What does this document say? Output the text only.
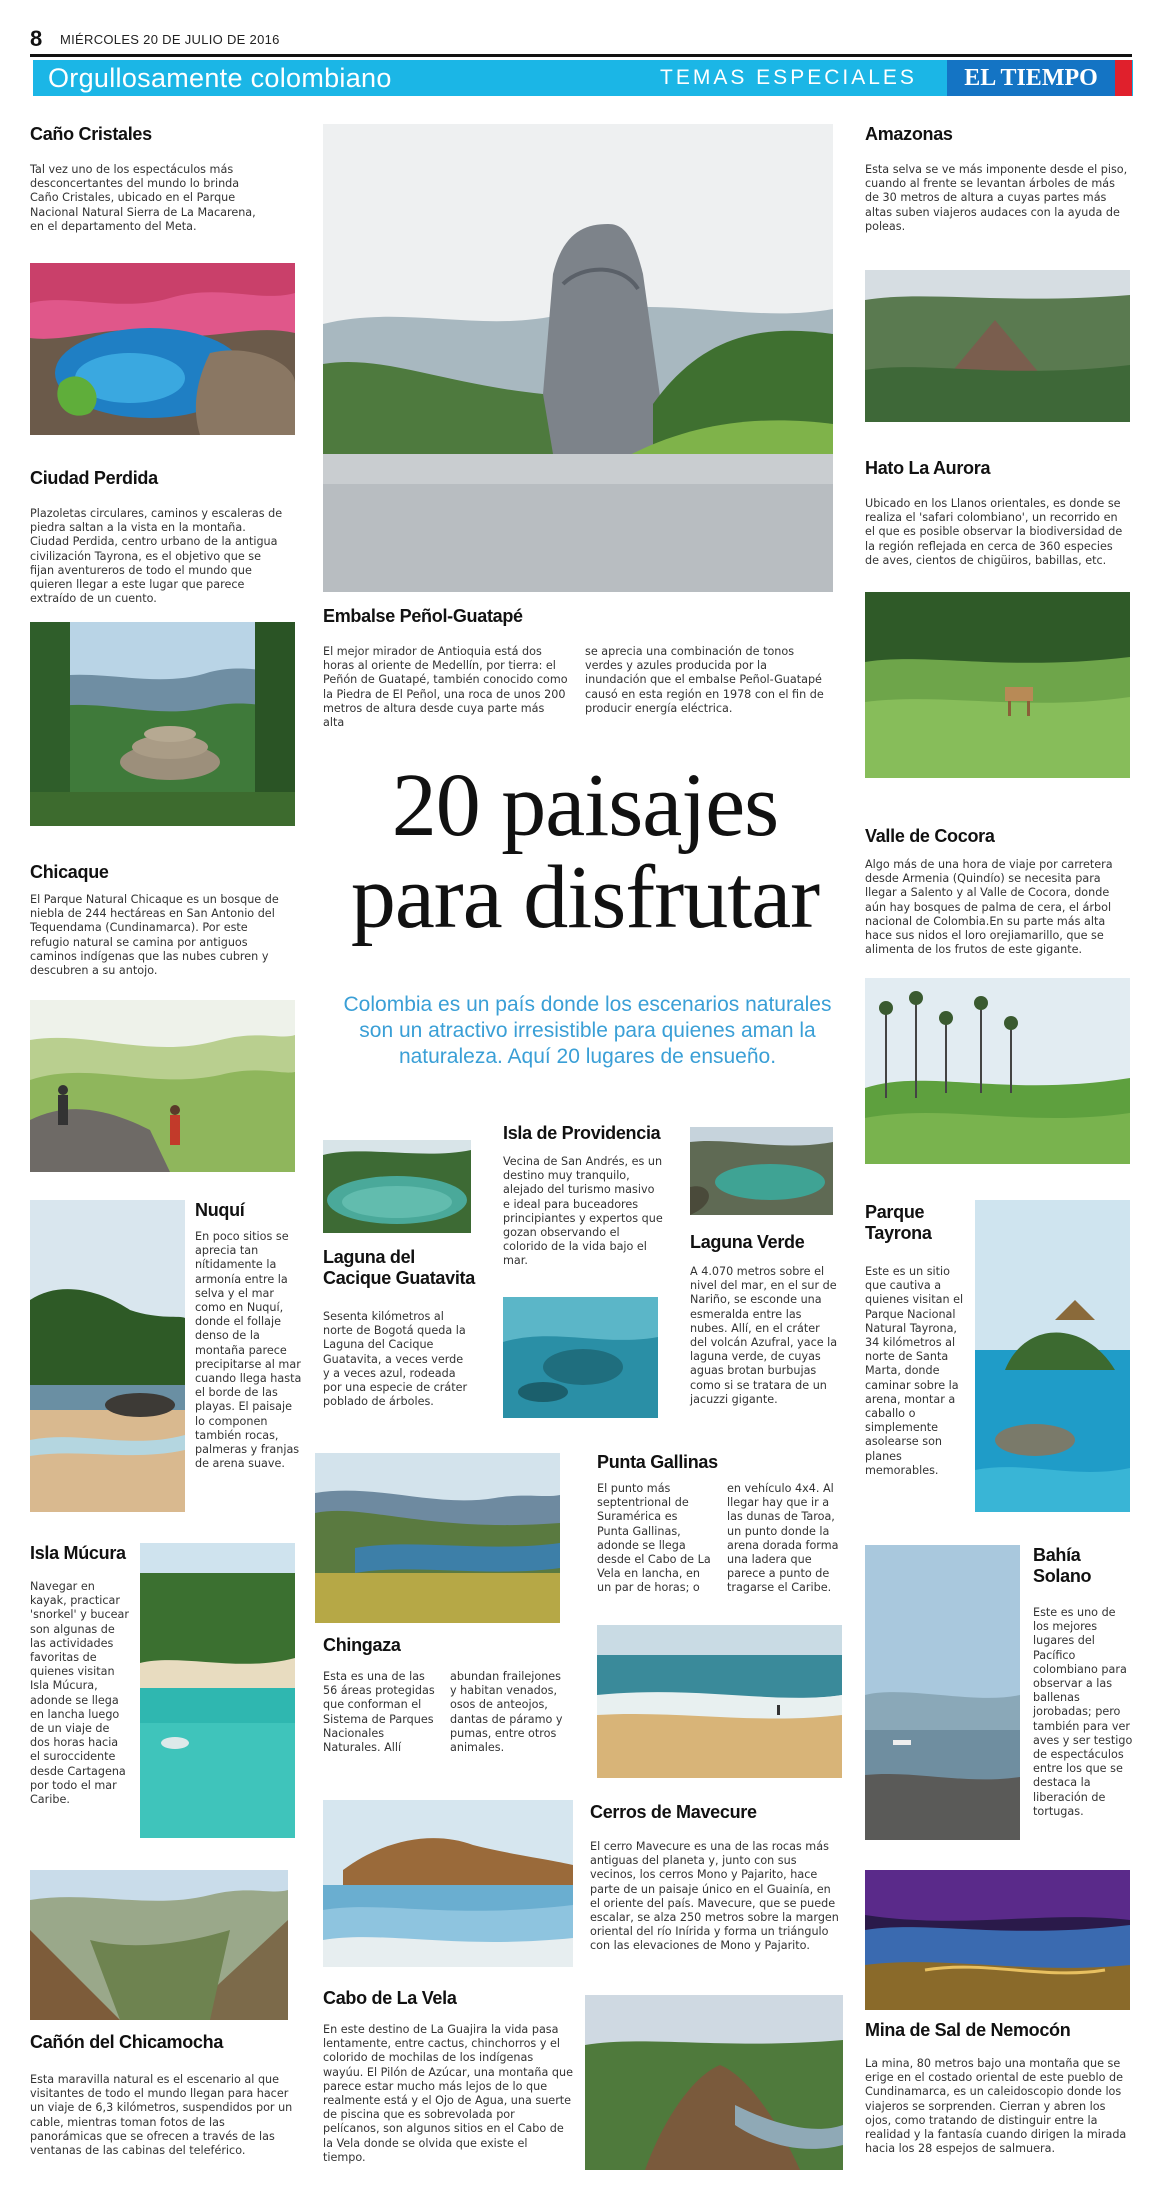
8 MIÉRCOLES 20 DE JULIO DE 2016
Orgullosamente colombiano	TEMAS ESPECIALES	EL TIEMPO
Caño Cristales

Tal vez uno de los espectáculos más desconcertantes del mundo lo brinda Caño Cristales, ubicado en el Parque Nacional Natural Sierra de La Macarena, en el departamento del Meta.

Ciudad Perdida

Plazoletas circulares, caminos y escaleras de piedra saltan a la vista en la montaña. Ciudad Perdida, centro urbano de la antigua civilización Tayrona, es el objetivo que se fijan aventureros de todo el mundo que quieren llegar a este lugar que parece extraído de un cuento.

Chicaque

El Parque Natural Chicaque es un bosque de niebla de 244 hectáreas en San Antonio del Tequendama (Cundinamarca). Por este refugio natural se camina por antiguos caminos indígenas que las nubes cubren y descubren a su antojo.

Nuquí

En poco sitios se aprecia tan nítidamente la armonía entre la selva y el mar como en Nuquí, donde el follaje denso de la montaña parece precipitarse al mar cuando llega hasta el borde de las playas. El paisaje lo componen también rocas, palmeras y franjas de arena suave.

Isla Múcura

Navegar en kayak, practicar 'snorkel' y bucear son algunas de las actividades favoritas de quienes visitan Isla Múcura, adonde se llega en lancha luego de un viaje de dos horas hacia el suroccidente desde Cartagena por todo el mar Caribe.

Cañón del Chicamocha

Esta maravilla natural es el escenario al que visitantes de todo el mundo llegan para hacer un viaje de 6,3 kilómetros, suspendidos por un cable, mientras toman fotos de las panorámicas que se ofrecen a través de las ventanas de las cabinas del teleférico.

Embalse Peñol-Guatapé

El mejor mirador de Antioquia está dos horas al oriente de Medellín, por tierra: el Peñón de Guatapé, también conocido como la Piedra de El Peñol, una roca de unos 200 metros de altura desde cuya parte más alta

se aprecia una combinación de tonos verdes y azules producida por la inundación que el embalse Peñol-Guatapé causó en esta región en 1978 con el fin de producir energía eléctrica.

20 paisajes
para disfrutar
Colombia es un país donde los escenarios naturales son un atractivo irresistible para quienes aman la naturaleza. Aquí 20 lugares de ensueño.
Laguna del
Cacique Guatavita

Sesenta kilómetros al norte de Bogotá queda la Laguna del Cacique Guatavita, a veces verde y a veces azul, rodeada por una especie de cráter poblado de árboles.

Isla de Providencia

Vecina de San Andrés, es un destino muy tranquilo, alejado del turismo masivo e ideal para buceadores principiantes y expertos que gozan observando el colorido de la vida bajo el mar.

Laguna Verde

A 4.070 metros sobre el nivel del mar, en el sur de Nariño, se esconde una esmeralda entre las nubes. Allí, en el cráter del volcán Azufral, yace la laguna verde, de cuyas aguas brotan burbujas como si se tratara de un jacuzzi gigante.

Chingaza

Esta es una de las 56 áreas protegidas que conforman el Sistema de Parques Nacionales Naturales. Allí

abundan frailejones y habitan venados, osos de anteojos, dantas de páramo y pumas, entre otros animales.

Punta Gallinas

El punto más septentrional de Suramérica es Punta Gallinas, adonde se llega desde el Cabo de La Vela en lancha, en un par de horas; o

en vehículo 4x4. Al llegar hay que ir a las dunas de Taroa, un punto donde la arena dorada forma una ladera que parece a punto de tragarse el Caribe.

Cabo de La Vela

En este destino de La Guajira la vida pasa lentamente, entre cactus, chinchorros y el colorido de mochilas de los indígenas wayúu. El Pilón de Azúcar, una montaña que parece estar mucho más lejos de lo que realmente está y el Ojo de Agua, una suerte de piscina que es sobrevolada por pelícanos, son algunos sitios en el Cabo de la Vela donde se olvida que existe el tiempo.

Cerros de Mavecure

El cerro Mavecure es una de las rocas más antiguas del planeta y, junto con sus vecinos, los cerros Mono y Pajarito, hace parte de un paisaje único en el Guainía, en el oriente del país. Mavecure, que se puede escalar, se alza 250 metros sobre la margen oriental del río Inírida y forma un triángulo con las elevaciones de Mono y Pajarito.

Amazonas

Esta selva se ve más imponente desde el piso, cuando al frente se levantan árboles de más de 30 metros de altura a cuyas partes más altas suben viajeros audaces con la ayuda de poleas.

Hato La Aurora

Ubicado en los Llanos orientales, es donde se realiza el 'safari colombiano', un recorrido en el que es posible observar la biodiversidad de la región reflejada en cerca de 360 especies de aves, cientos de chigüiros, babillas, etc.

Valle de Cocora

Algo más de una hora de viaje por carretera desde Armenia (Quindío) se necesita para llegar a Salento y al Valle de Cocora, donde aún hay bosques de palma de cera, el árbol nacional de Colombia.En su parte más alta hace sus nidos el loro orejiamarillo, que se alimenta de los frutos de este gigante.

Parque
Tayrona

Este es un sitio que cautiva a quienes visitan el Parque Nacional Natural Tayrona, 34 kilómetros al norte de Santa Marta, donde caminar sobre la arena, montar a caballo o simplemente asolearse son planes memorables.

Bahía
Solano

Este es uno de los mejores lugares del Pacífico colombiano para observar a las ballenas jorobadas; pero también para ver aves y ser testigo de espectáculos entre los que se destaca la liberación de tortugas.

Mina de Sal de Nemocón

La mina, 80 metros bajo una montaña que se erige en el costado oriental de este pueblo de Cundinamarca, es un caleidoscopio donde los viajeros se sorprenden. Cierran y abren los ojos, como tratando de distinguir entre la realidad y la fantasía cuando dirigen la mirada hacia los 28 espejos de salmuera.
